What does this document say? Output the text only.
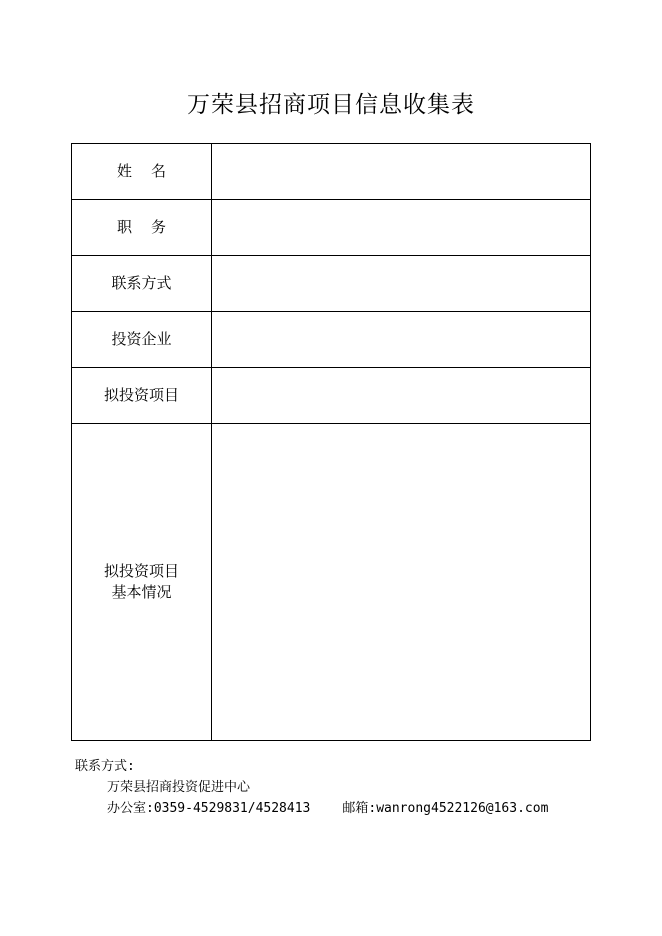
万荣县招商项目信息收集表
姓    名	
职    务	
联系方式	
投资企业	
拟投资项目	

拟投资项目
基本情况	

联系方式:
万荣县招商投资促进中心
办公室:0359-4529831/4528413 邮箱:wanrong4522126@163.com
